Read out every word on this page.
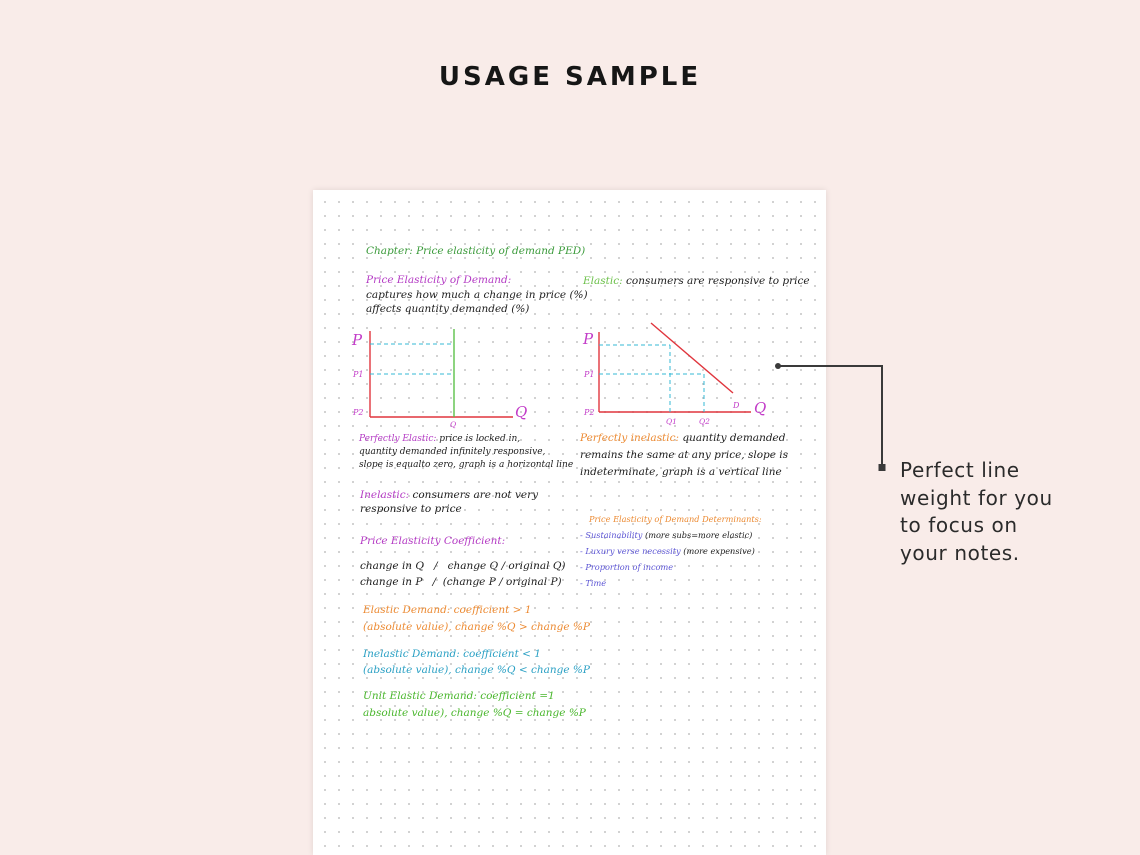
USAGE SAMPLE

Chapter: Price elasticity of demand PED)

Price Elasticity of Demand:

captures how much a change in price (%)

affects quantity demanded (%)

Elastic: consumers are responsive to price

P
P1
P2	Q
Q
P
P1
P2	Q
Q1	Q2
D

Perfectly Elastic: price is locked in,

quantity demanded infinitely responsive,

slope is equalto zero, graph is a horizontal line

Perfectly inelastic: quantity demanded

remains the same at any price, slope is

indeterminate, graph is a vertical line

Inelastic: consumers are not very

responsive to price

Price Elasticity of Demand Determinants:

- Sustainability (more subs=more elastic)

- Luxury verse necessity (more expensive)

- Proportion of income

- Time

Price Elasticity Coefficient:

change in Q   /   change Q / original Q)

change in P   /  (change P / original P)

Elastic Demand: coefficient > 1

(absolute value), change %Q > change %P

Inelastic Demand: coefficient < 1

(absolute value), change %Q < change %P

Unit Elastic Demand: coefficient =1

absolute value), change %Q = change %P

Perfect line
weight for you
to focus on
your notes.
